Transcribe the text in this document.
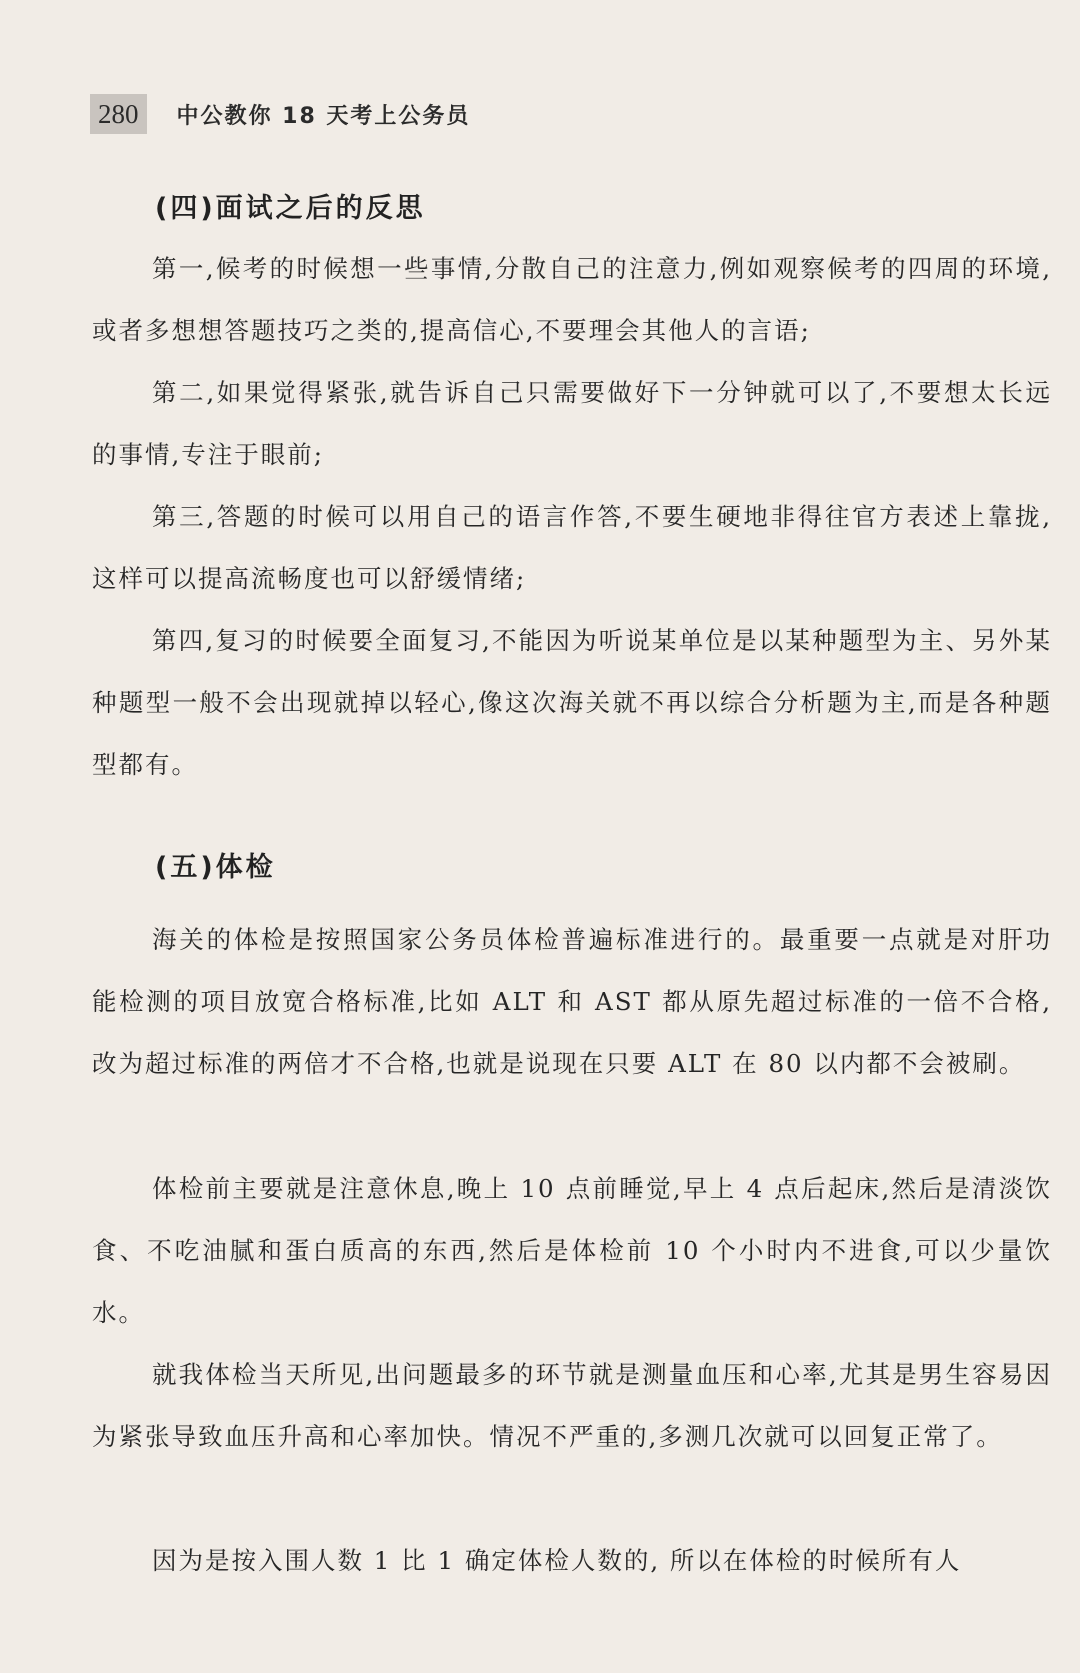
280	中公教你 18 天考上公务员
(四)面试之后的反思

第一,候考的时候想一些事情,分散自己的注意力,例如观察候考的四周的环境,或者多想想答题技巧之类的,提高信心,不要理会其他人的言语;

第二,如果觉得紧张,就告诉自己只需要做好下一分钟就可以了,不要想太长远的事情,专注于眼前;

第三,答题的时候可以用自己的语言作答,不要生硬地非得往官方表述上靠拢,这样可以提高流畅度也可以舒缓情绪;

第四,复习的时候要全面复习,不能因为听说某单位是以某种题型为主、另外某种题型一般不会出现就掉以轻心,像这次海关就不再以综合分析题为主,而是各种题型都有。

(五)体检

海关的体检是按照国家公务员体检普遍标准进行的。最重要一点就是对肝功能检测的项目放宽合格标准,比如 ALT 和 AST 都从原先超过标准的一倍不合格,改为超过标准的两倍才不合格,也就是说现在只要 ALT 在 80 以内都不会被刷。

体检前主要就是注意休息,晚上 10 点前睡觉,早上 4 点后起床,然后是清淡饮食、不吃油腻和蛋白质高的东西,然后是体检前 10 个小时内不进食,可以少量饮水。

就我体检当天所见,出问题最多的环节就是测量血压和心率,尤其是男生容易因为紧张导致血压升高和心率加快。情况不严重的,多测几次就可以回复正常了。

因为是按入围人数 1 比 1 确定体检人数的, 所以在体检的时候所有人
